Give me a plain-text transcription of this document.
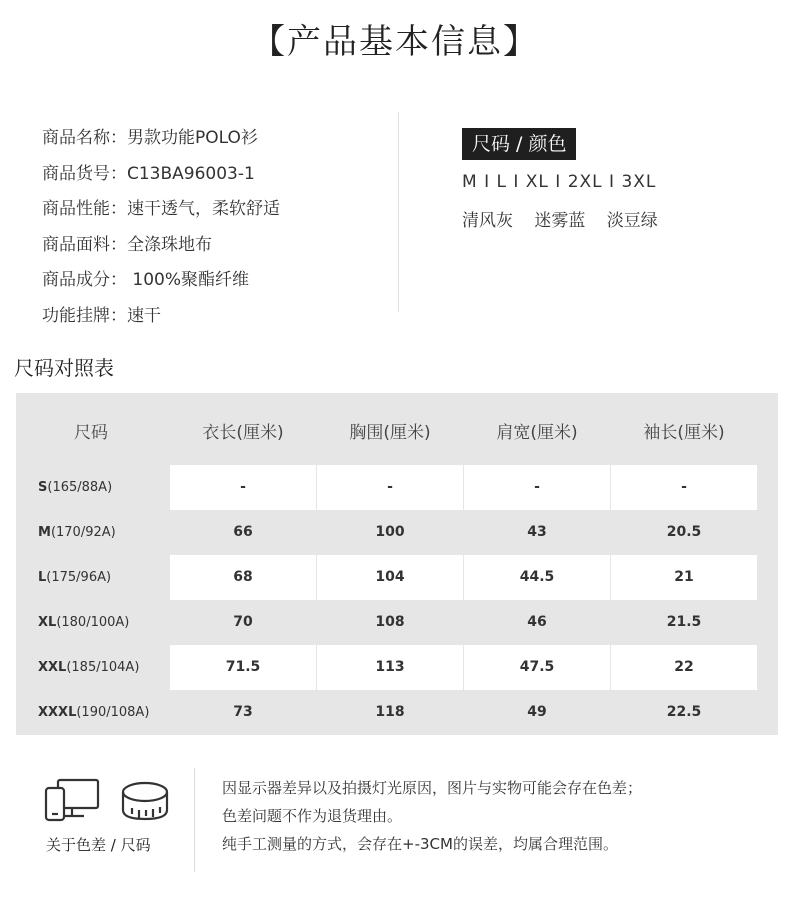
【产品基本信息】
商品名称：男款功能POLO衫
商品货号：C13BA96003-1
商品性能：速干透气，柔软舒适
商品面料：全涤珠地布
商品成分： 100%聚酯纤维
功能挂牌：速干
尺码 / 颜色
M I L I XL I 2XL I 3XL
清风灰 迷雾蓝 淡豆绿
尺码对照表
尺码	衣长(厘米)	胸围(厘米)	肩宽(厘米)	袖长(厘米)
S(165/88A)	-	-	-	-
M(170/92A)	66	100	43	20.5
L(175/96A)	68	104	44.5	21
XL(180/100A)	70	108	46	21.5
XXL(185/104A)	71.5	113	47.5	22
XXXL(190/108A)	73	118	49	22.5
关于色差 / 尺码
因显示器差异以及拍摄灯光原因，图片与实物可能会存在色差；
色差问题不作为退货理由。
纯手工测量的方式，会存在+-3CM的误差，均属合理范围。
